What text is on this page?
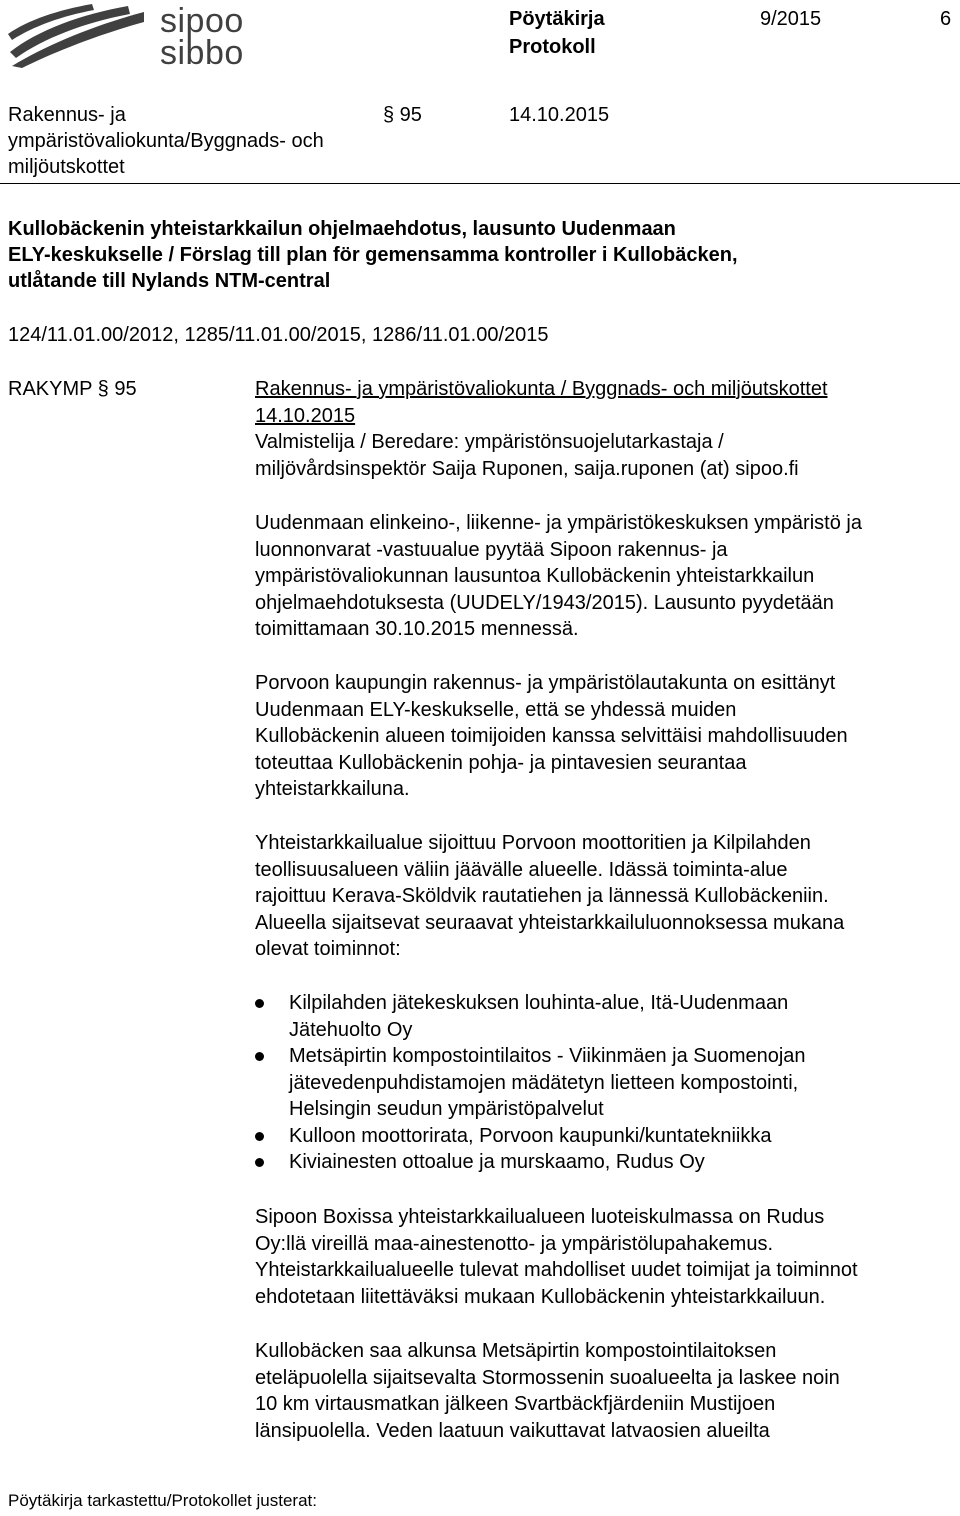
sipoo
sibbo
Pöytäkirja
Protokoll
9/2015	6
Rakennus- ja
ympäristövaliokunta/Byggnads- och
miljöutskottet
§ 95	14.10.2015
Kullobäckenin yhteistarkkailun ohjelmaehdotus, lausunto Uudenmaan
ELY-keskukselle / Förslag till plan för gemensamma kontroller i Kullobäcken,
utlåtande till Nylands NTM-central
124/11.01.00/2012, 1285/11.01.00/2015, 1286/11.01.00/2015
RAKYMP § 95	Rakennus- ja ympäristövaliokunta / Byggnads- och miljöutskottet
14.10.2015
Valmistelija / Beredare: ympäristönsuojelutarkastaja /
miljövårdsinspektör Saija Ruponen, saija.ruponen (at) sipoo.fi
Uudenmaan elinkeino-, liikenne- ja ympäristökeskuksen ympäristö ja
luonnonvarat -vastuualue pyytää Sipoon rakennus- ja
ympäristövaliokunnan lausuntoa Kullobäckenin yhteistarkkailun
ohjelmaehdotuksesta (UUDELY/1943/2015). Lausunto pyydetään
toimittamaan 30.10.2015 mennessä.
Porvoon kaupungin rakennus- ja ympäristölautakunta on esittänyt
Uudenmaan ELY-keskukselle, että se yhdessä muiden
Kullobäckenin alueen toimijoiden kanssa selvittäisi mahdollisuuden
toteuttaa Kullobäckenin pohja- ja pintavesien seurantaa
yhteistarkkailuna.
Yhteistarkkailualue sijoittuu Porvoon moottoritien ja Kilpilahden
teollisuusalueen väliin jäävälle alueelle. Idässä toiminta-alue
rajoittuu Kerava-Sköldvik rautatiehen ja lännessä Kullobäckeniin.
Alueella sijaitsevat seuraavat yhteistarkkailuluonnoksessa mukana
olevat toiminnot:
Kilpilahden jätekeskuksen louhinta-alue, Itä-Uudenmaan
Jätehuolto Oy
Metsäpirtin kompostointilaitos - Viikinmäen ja Suomenojan
jätevedenpuhdistamojen mädätetyn lietteen kompostointi,
Helsingin seudun ympäristöpalvelut
Kulloon moottorirata, Porvoon kaupunki/kuntatekniikka
Kiviainesten ottoalue ja murskaamo, Rudus Oy
Sipoon Boxissa yhteistarkkailualueen luoteiskulmassa on Rudus
Oy:llä vireillä maa-ainestenotto- ja ympäristölupahakemus.
Yhteistarkkailualueelle tulevat mahdolliset uudet toimijat ja toiminnot
ehdotetaan liitettäväksi mukaan Kullobäckenin yhteistarkkailuun.
Kullobäcken saa alkunsa Metsäpirtin kompostointilaitoksen
eteläpuolella sijaitsevalta Stormossenin suoalueelta ja laskee noin
10 km virtausmatkan jälkeen Svartbäckfjärdeniin Mustijoen
länsipuolella. Veden laatuun vaikuttavat latvaosien alueilta
Pöytäkirja tarkastettu/Protokollet justerat:
